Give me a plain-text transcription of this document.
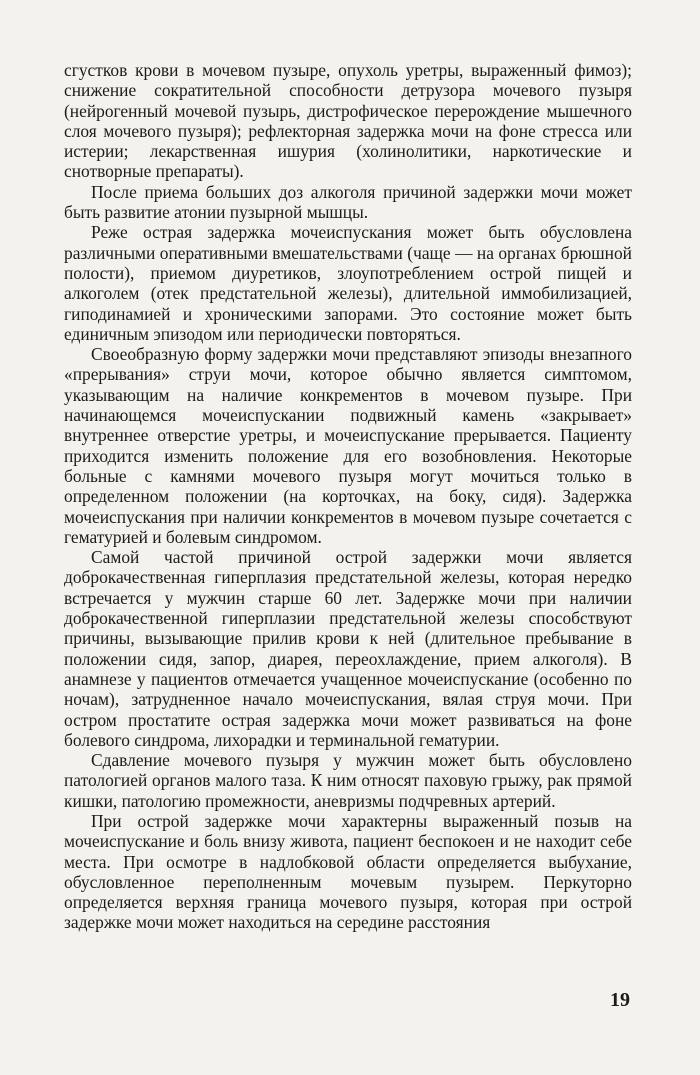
сгустков крови в мочевом пузыре, опухоль уретры, выраженный фимоз); снижение сократительной способности детрузора мочевого пузыря (нейрогенный мочевой пузырь, дистрофическое перерождение мышечного слоя мочевого пузыря); рефлекторная задержка мочи на фоне стресса или истерии; лекарственная ишурия (холинолитики, наркотические и снотворные препараты).

После приема больших доз алкоголя причиной задержки мочи может быть развитие атонии пузырной мышцы.

Реже острая задержка мочеиспускания может быть обусловлена различными оперативными вмешательствами (чаще — на органах брюшной полости), приемом диуретиков, злоупотреблением острой пищей и алкоголем (отек предстательной железы), длительной иммобилизацией, гиподинамией и хроническими запорами. Это состояние может быть единичным эпизодом или периодически повторяться.

Своеобразную форму задержки мочи представляют эпизоды внезапного «прерывания» струи мочи, которое обычно является симптомом, указывающим на наличие конкрементов в мочевом пузыре. При начинающемся мочеиспускании подвижный камень «закрывает» внутреннее отверстие уретры, и мочеиспускание прерывается. Пациенту приходится изменить положение для его возобновления. Некоторые больные с камнями мочевого пузыря могут мочиться только в определенном положении (на корточках, на боку, сидя). Задержка мочеиспускания при наличии конкрементов в мочевом пузыре сочетается с гематурией и болевым синдромом.

Самой частой причиной острой задержки мочи является доброкачественная гиперплазия предстательной железы, которая нередко встречается у мужчин старше 60 лет. Задержке мочи при наличии доброкачественной гиперплазии предстательной железы способствуют причины, вызывающие прилив крови к ней (длительное пребывание в положении сидя, запор, диарея, переохлаждение, прием алкоголя). В анамнезе у пациентов отмечается учащенное мочеиспускание (особенно по ночам), затрудненное начало мочеиспускания, вялая струя мочи. При остром простатите острая задержка мочи может развиваться на фоне болевого синдрома, лихорадки и терминальной гематурии.

Сдавление мочевого пузыря у мужчин может быть обусловлено патологией органов малого таза. К ним относят паховую грыжу, рак прямой кишки, патологию промежности, аневризмы подчревных артерий.

При острой задержке мочи характерны выраженный позыв на мочеиспускание и боль внизу живота, пациент беспокоен и не находит себе места. При осмотре в надлобковой области определяется выбухание, обусловленное переполненным мочевым пузырем. Перкуторно определяется верхняя граница мочевого пузыря, которая при острой задержке мочи может находиться на середине расстояния

19
